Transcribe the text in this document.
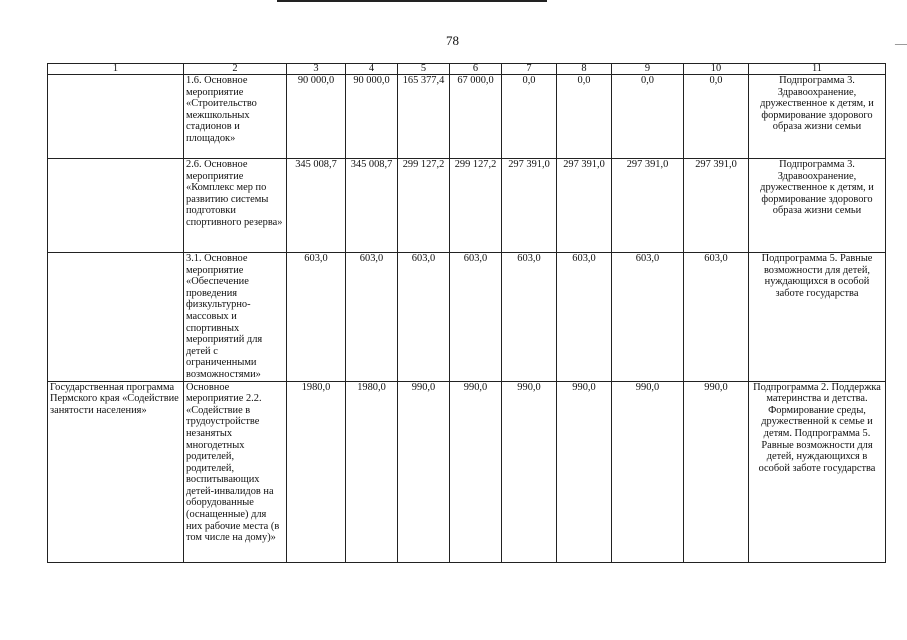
78	—
1	2	3	4	5	6	7	8	9	10	11
	1.6. Основное мероприятие «Строительство межшкольных стадионов и площадок»	90 000,0	90 000,0	165 377,4	67 000,0	0,0	0,0	0,0	0,0	Подпрограмма 3. Здравоохранение, дружественное к детям, и формирование здорового образа жизни семьи
	2.6. Основное мероприятие «Комплекс мер по развитию системы подготовки спортивного резерва»	345 008,7	345 008,7	299 127,2	299 127,2	297 391,0	297 391,0	297 391,0	297 391,0	Подпрограмма 3. Здравоохранение, дружественное к детям, и формирование здорового образа жизни семьи
	3.1. Основное мероприятие «Обеспечение проведения физкультурно-массовых и спортивных мероприятий для детей с ограниченными возможностями»	603,0	603,0	603,0	603,0	603,0	603,0	603,0	603,0	Подпрограмма 5. Равные возможности для детей, нуждающихся в особой заботе государства
Государственная программа Пермского края «Содействие занятости населения»	Основное мероприятие 2.2. «Содействие в трудоустройстве незанятых многодетных родителей, родителей, воспитывающих детей-инвалидов на оборудованные (оснащенные) для них рабочие места (в том числе на дому)»	1980,0	1980,0	990,0	990,0	990,0	990,0	990,0	990,0	Подпрограмма 2. Поддержка материнства и детства. Формирование среды, дружественной к семье и детям. Подпрограмма 5. Равные возможности для детей, нуждающихся в особой заботе государства
